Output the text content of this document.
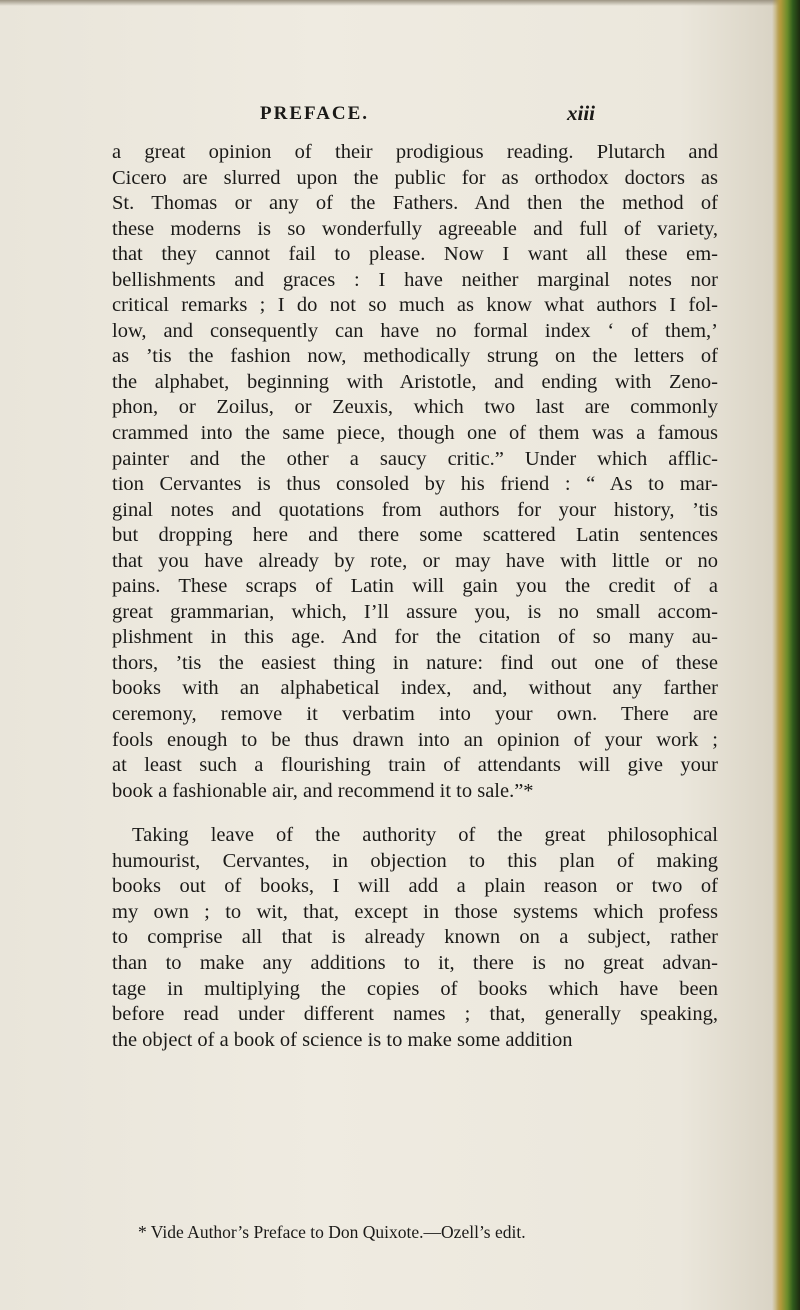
PREFACE.	xiii
a great opinion of their prodigious reading. Plutarch and
Cicero are slurred upon the public for as orthodox doctors as
St. Thomas or any of the Fathers. And then the method of
these moderns is so wonderfully agreeable and full of variety,
that they cannot fail to please. Now I want all these em-
bellishments and graces : I have neither marginal notes nor
critical remarks ; I do not so much as know what authors I fol-
low, and consequently can have no formal index ‘ of them,’
as ’tis the fashion now, methodically strung on the letters of
the alphabet, beginning with Aristotle, and ending with Zeno-
phon, or Zoilus, or Zeuxis, which two last are commonly
crammed into the same piece, though one of them was a famous
painter and the other a saucy critic.” Under which afflic-
tion Cervantes is thus consoled by his friend : “ As to mar-
ginal notes and quotations from authors for your history, ’tis
but dropping here and there some scattered Latin sentences
that you have already by rote, or may have with little or no
pains. These scraps of Latin will gain you the credit of a
great grammarian, which, I’ll assure you, is no small accom-
plishment in this age. And for the citation of so many au-
thors, ’tis the easiest thing in nature: find out one of these
books with an alphabetical index, and, without any farther
ceremony, remove it verbatim into your own. There are
fools enough to be thus drawn into an opinion of your work ;
at least such a flourishing train of attendants will give your
book a fashionable air, and recommend it to sale.”*
Taking leave of the authority of the great philosophical
humourist, Cervantes, in objection to this plan of making
books out of books, I will add a plain reason or two of
my own ; to wit, that, except in those systems which profess
to comprise all that is already known on a subject, rather
than to make any additions to it, there is no great advan-
tage in multiplying the copies of books which have been
before read under different names ; that, generally speaking,
the object of a book of science is to make some addition
* Vide Author’s Preface to Don Quixote.—Ozell’s edit.
